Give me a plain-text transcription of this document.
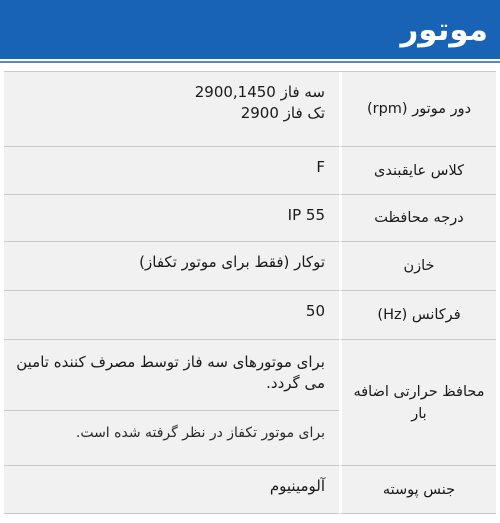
موتور
دور موتور (rpm)
سه فاز 2900,1450
تک فاز 2900
کلاس عایقبندی
F
درجه محافظت
IP 55
خازن
توکار (فقط برای موتور تکفاز)
فرکانس (Hz)
50
محافظ حرارتی اضافه بار
برای موتورهای سه فاز توسط مصرف کننده تامین می گردد.
برای موتور تکفاز در نظر گرفته شده است.
جنس پوسته
آلومینیوم
